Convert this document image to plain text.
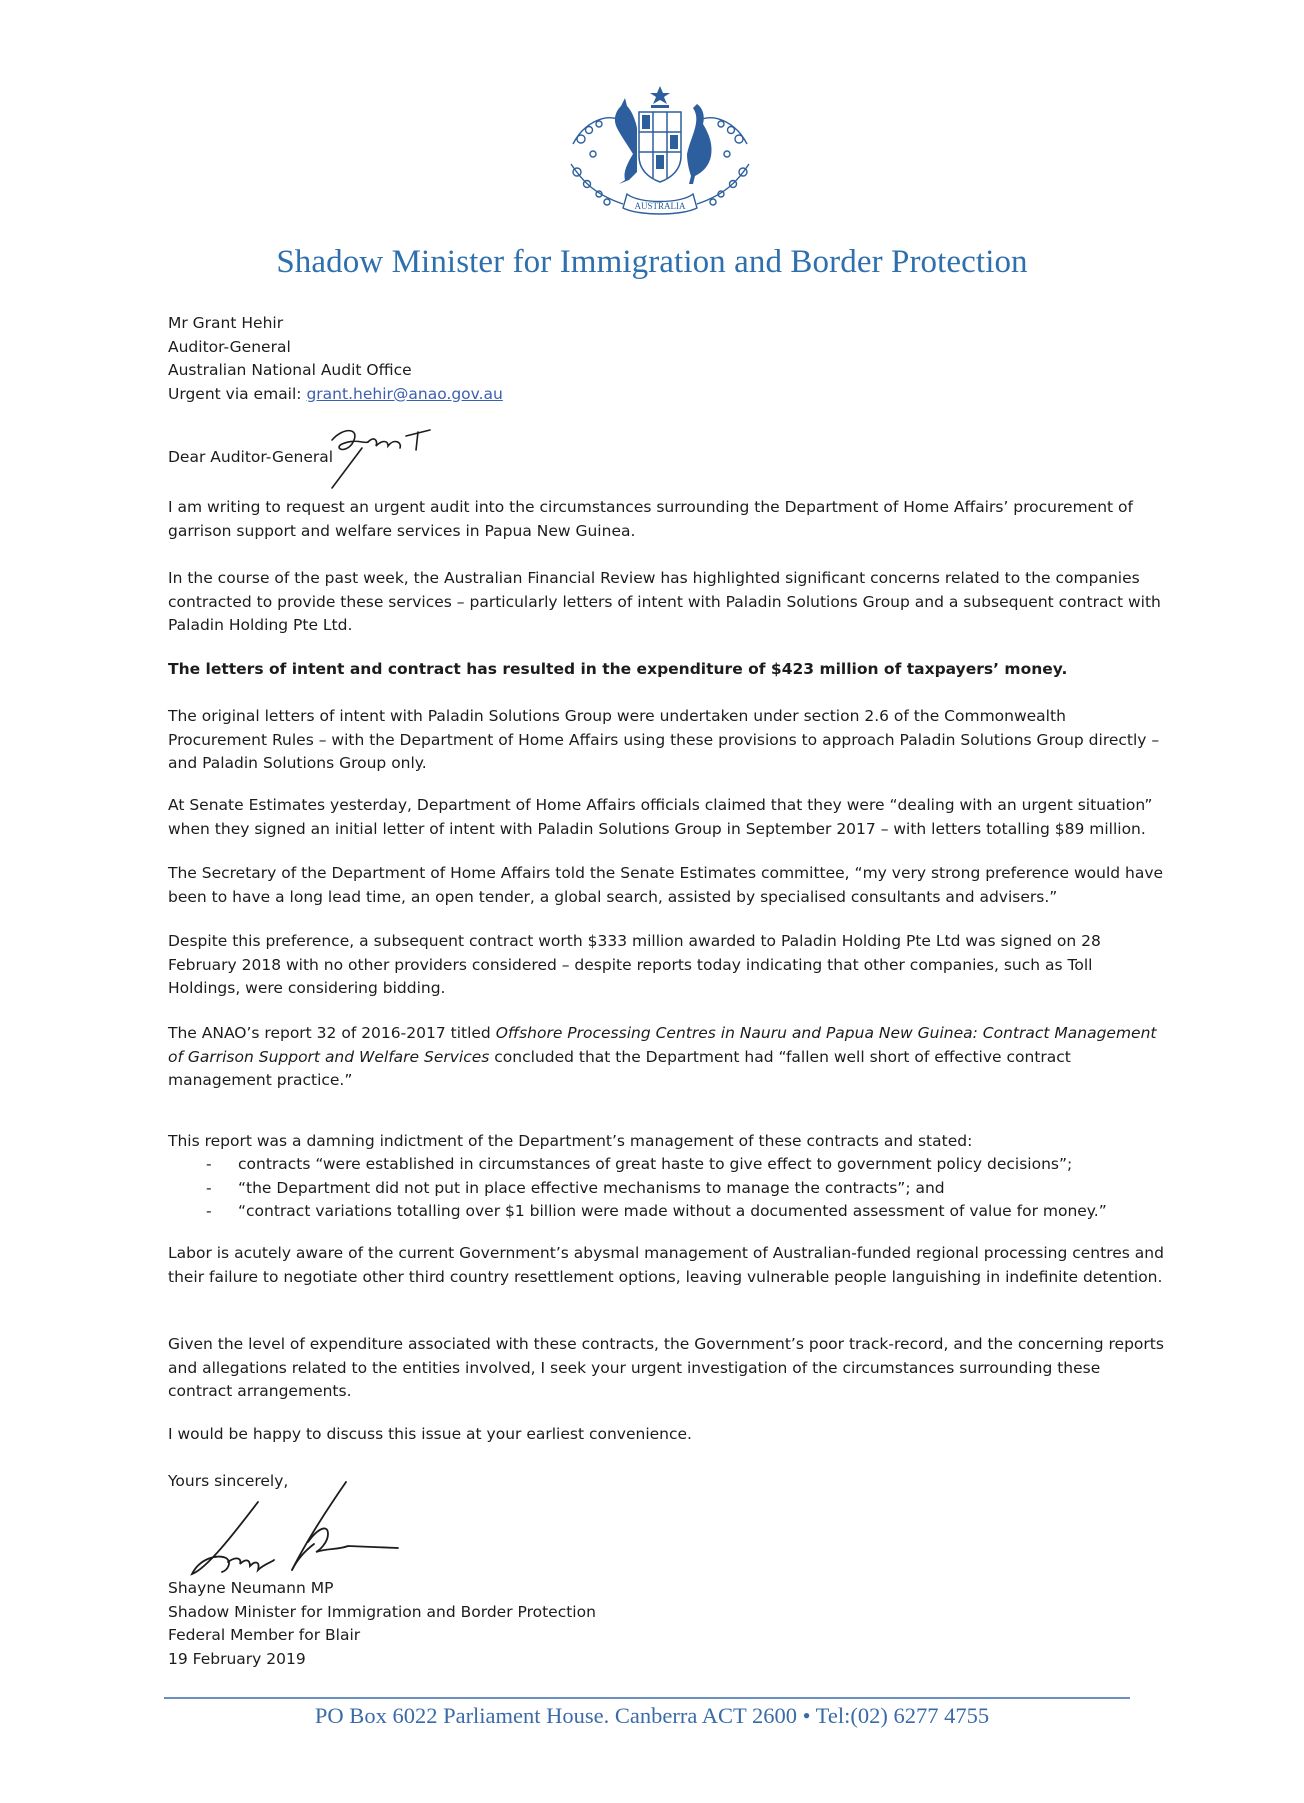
AUSTRALIA
Shadow Minister for Immigration and Border Protection
Mr Grant Hehir
Auditor-General
Australian National Audit Office
Urgent via email: grant.hehir@anao.gov.au
Dear Auditor-General
Grant

I am writing to request an urgent audit into the circumstances surrounding the Department of Home Affairs’ procurement of garrison support and welfare services in Papua New Guinea.

In the course of the past week, the Australian Financial Review has highlighted significant concerns related to the companies contracted to provide these services – particularly letters of intent with Paladin Solutions Group and a subsequent contract with Paladin Holding Pte Ltd.

The letters of intent and contract has resulted in the expenditure of $423 million of taxpayers’ money.

The original letters of intent with Paladin Solutions Group were undertaken under section 2.6 of the Commonwealth Procurement Rules – with the Department of Home Affairs using these provisions to approach Paladin Solutions Group directly – and Paladin Solutions Group only.

At Senate Estimates yesterday, Department of Home Affairs officials claimed that they were “dealing with an urgent situation” when they signed an initial letter of intent with Paladin Solutions Group in September 2017 – with letters totalling $89 million.

The Secretary of the Department of Home Affairs told the Senate Estimates committee, “my very strong preference would have been to have a long lead time, an open tender, a global search, assisted by specialised consultants and advisers.”

Despite this preference, a subsequent contract worth $333 million awarded to Paladin Holding Pte Ltd was signed on 28 February 2018 with no other providers considered – despite reports today indicating that other companies, such as Toll Holdings, were considering bidding.

The ANAO’s report 32 of 2016-2017 titled Offshore Processing Centres in Nauru and Papua New Guinea: Contract Management of Garrison Support and Welfare Services concluded that the Department had “fallen well short of effective contract management practice.”

This report was a damning indictment of the Department’s management of these contracts and stated:

- contracts “were established in circumstances of great haste to give effect to government policy decisions”;
- “the Department did not put in place effective mechanisms to manage the contracts”; and
- “contract variations totalling over $1 billion were made without a documented assessment of value for money.”

Labor is acutely aware of the current Government’s abysmal management of Australian-funded regional processing centres and their failure to negotiate other third country resettlement options, leaving vulnerable people languishing in indefinite detention.

Given the level of expenditure associated with these contracts, the Government’s poor track-record, and the concerning reports and allegations related to the entities involved, I seek your urgent investigation of the circumstances surrounding these contract arrangements.

I would be happy to discuss this issue at your earliest convenience.

Yours sincerely,
Shayne Neumann MP
Shadow Minister for Immigration and Border Protection
Federal Member for Blair
19 February 2019
PO Box 6022 Parliament House. Canberra ACT 2600 • Tel:(02) 6277 4755
